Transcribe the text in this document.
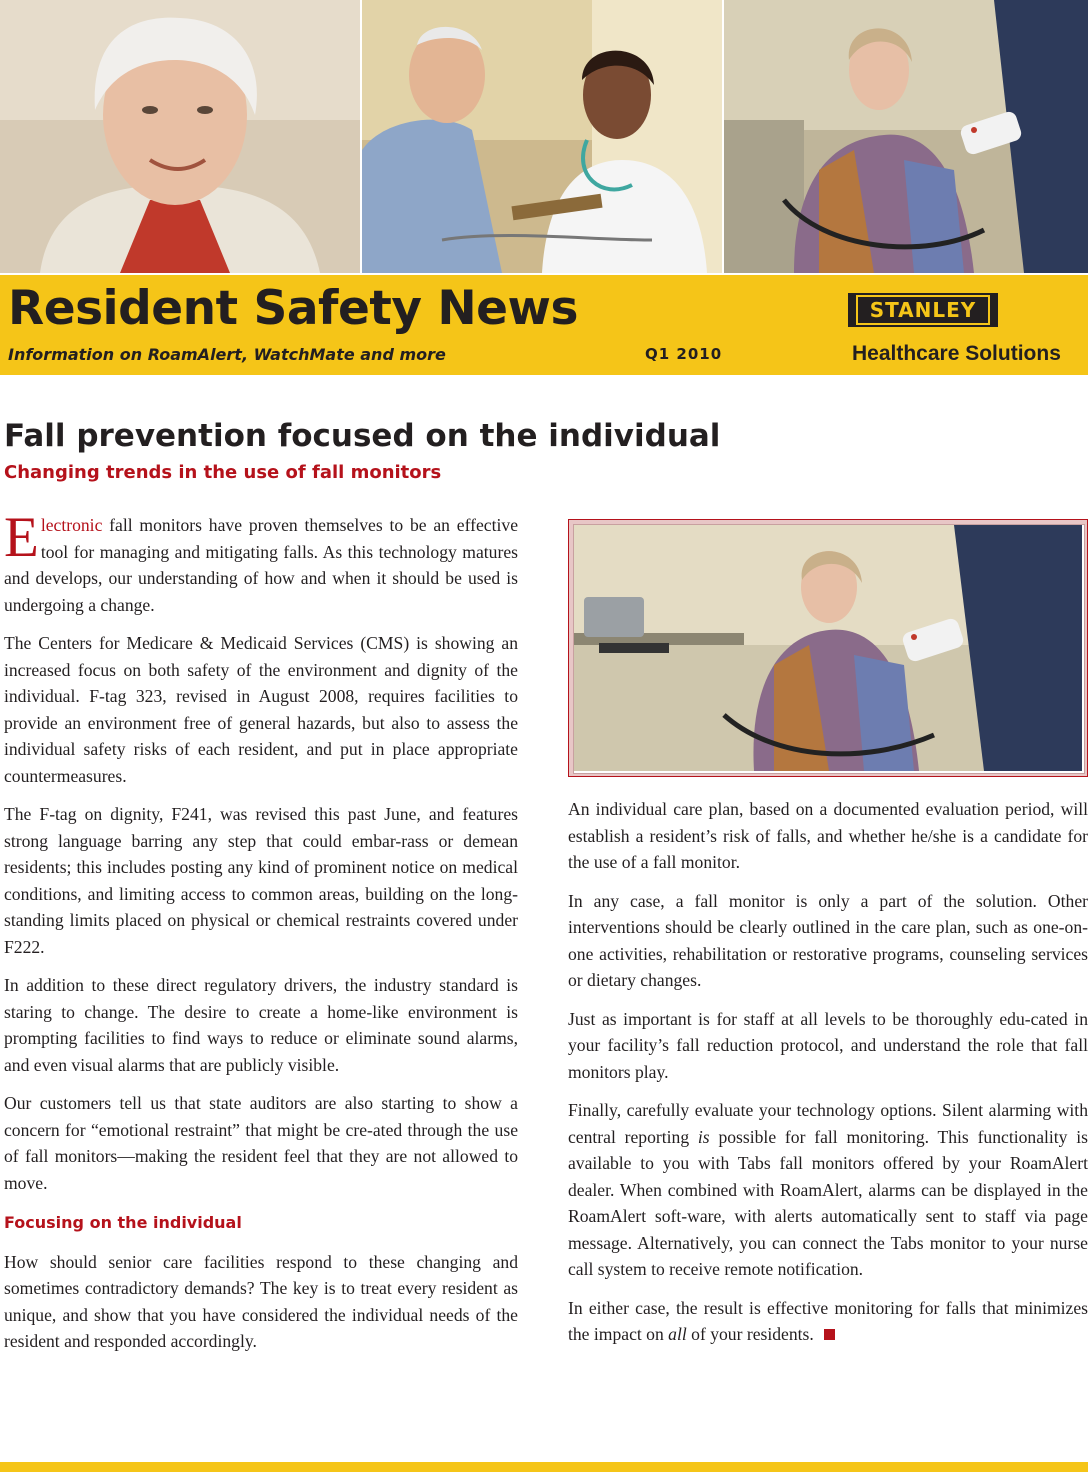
Resident Safety News
Information on RoamAlert, WatchMate and more	Q1 2010
STANLEY
®
Healthcare Solutions
Fall prevention focused on the individual
Changing trends in the use of fall monitors

Electronic fall monitors have proven themselves to be an effective tool for managing and mitigating falls. As this technology matures and develops, our understanding of how and when it should be used is undergoing a change.

The Centers for Medicare & Medicaid Services (CMS) is showing an increased focus on both safety of the environment and dignity of the individual. F-tag 323, revised in August 2008, requires facilities to provide an environment free of general hazards, but also to assess the individual safety risks of each resident, and put in place appropriate countermeasures.

The F-tag on dignity, F241, was revised this past June, and features strong language barring any step that could embar-rass or demean residents; this includes posting any kind of prominent notice on medical conditions, and limiting access to common areas, building on the long-standing limits placed on physical or chemical restraints covered under F222.

In addition to these direct regulatory drivers, the industry standard is staring to change. The desire to create a home-like environment is prompting facilities to find ways to reduce or eliminate sound alarms, and even visual alarms that are publicly visible.

Our customers tell us that state auditors are also starting to show a concern for “emotional restraint” that might be cre-ated through the use of fall monitors—making the resident feel that they are not allowed to move.

Focusing on the individual

How should senior care facilities respond to these changing and sometimes contradictory demands? The key is to treat every resident as unique, and show that you have considered the individual needs of the resident and responded accordingly.

An individual care plan, based on a documented evaluation period, will establish a resident’s risk of falls, and whether he/she is a candidate for the use of a fall monitor.

In any case, a fall monitor is only a part of the solution. Other interventions should be clearly outlined in the care plan, such as one-on-one activities, rehabilitation or restorative programs, counseling services or dietary changes.

Just as important is for staff at all levels to be thoroughly edu-cated in your facility’s fall reduction protocol, and understand the role that fall monitors play.

Finally, carefully evaluate your technology options. Silent alarming with central reporting is possible for fall monitoring. This functionality is available to you with Tabs fall monitors offered by your RoamAlert dealer. When combined with RoamAlert, alarms can be displayed in the RoamAlert soft-ware, with alerts automatically sent to staff via page message. Alternatively, you can connect the Tabs monitor to your nurse call system to receive remote notification.

In either case, the result is effective monitoring for falls that minimizes the impact on all of your residents.
